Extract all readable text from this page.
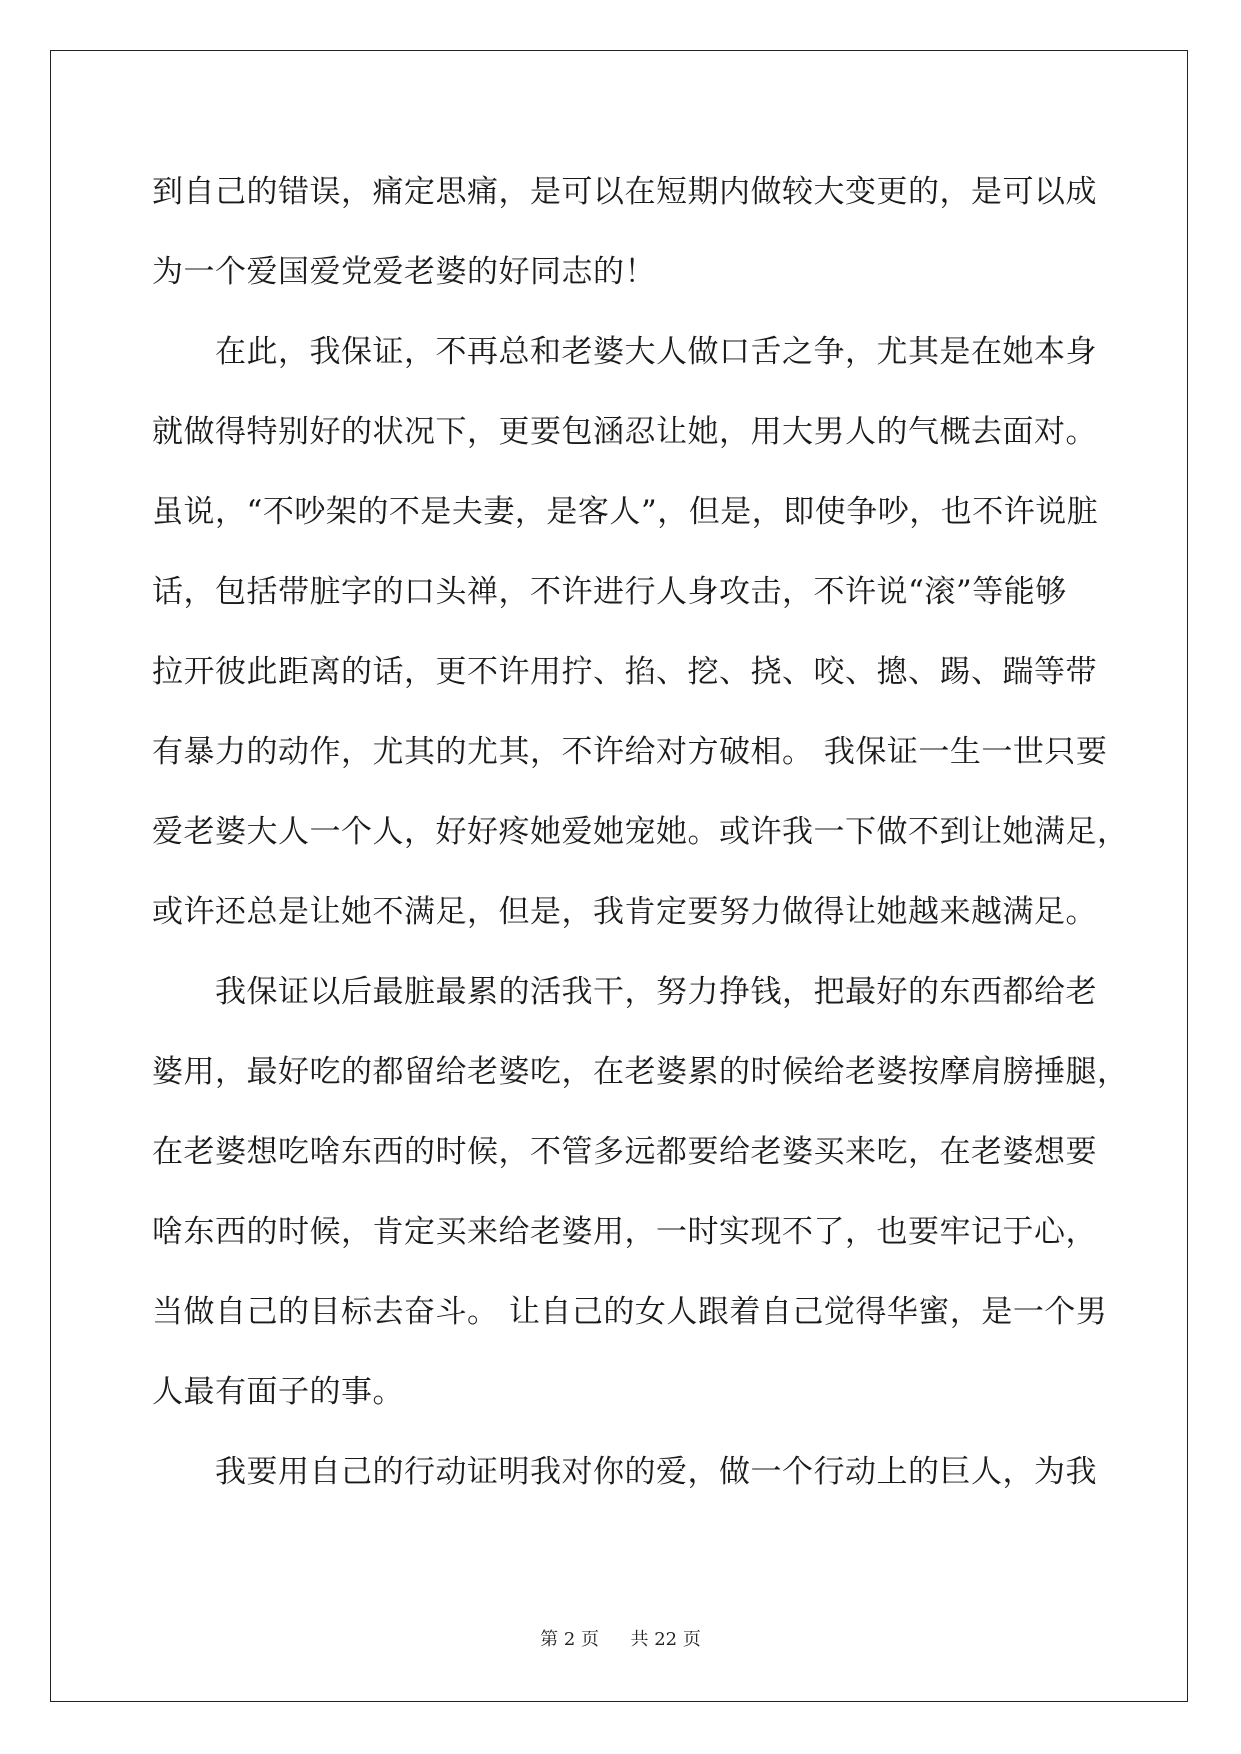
到自己的错误，痛定思痛，是可以在短期内做较大变更的，是可以成
为一个爱国爱党爱老婆的好同志的！
　　在此，我保证，不再总和老婆大人做口舌之争，尤其是在她本身
就做得特别好的状况下，更要包涵忍让她，用大男人的气概去面对。
虽说，“不吵架的不是夫妻，是客人”，但是，即使争吵，也不许说脏
话，包括带脏字的口头禅，不许进行人身攻击，不许说“滚”等能够
拉开彼此距离的话，更不许用拧、掐、挖、挠、咬、摠、踢、踹等带
有暴力的动作，尤其的尤其，不许给对方破相。 我保证一生一世只要
爱老婆大人一个人，好好疼她爱她宠她。或许我一下做不到让她满足，
或许还总是让她不满足，但是，我肯定要努力做得让她越来越满足。
　　我保证以后最脏最累的活我干，努力挣钱，把最好的东西都给老
婆用，最好吃的都留给老婆吃，在老婆累的时候给老婆按摩肩膀捶腿，
在老婆想吃啥东西的时候，不管多远都要给老婆买来吃，在老婆想要
啥东西的时候，肯定买来给老婆用，一时实现不了，也要牢记于心，
当做自己的目标去奋斗。 让自己的女人跟着自己觉得华蜜，是一个男
人最有面子的事。
　　我要用自己的行动证明我对你的爱，做一个行动上的巨人，为我
第 2 页 共 22 页
